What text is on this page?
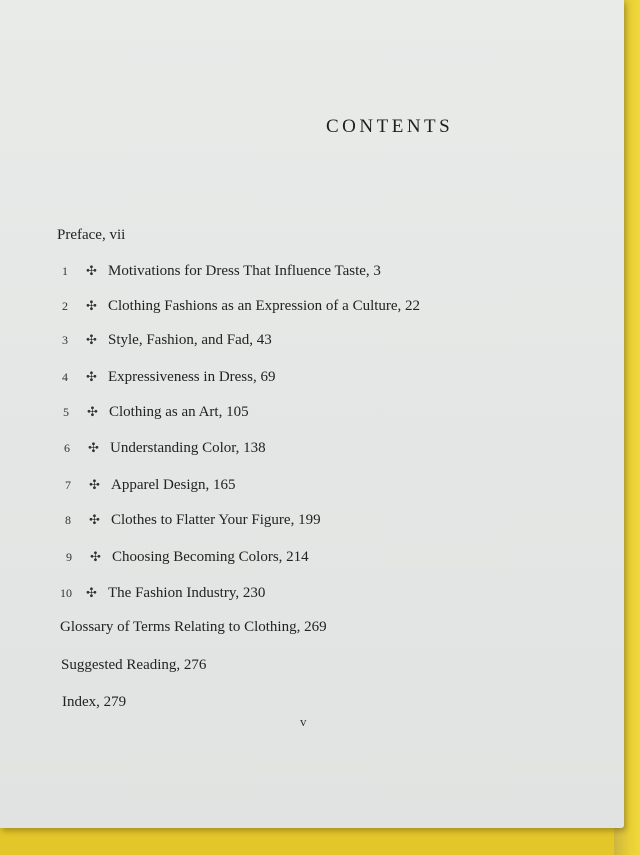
CONTENTS

Preface, vii

1 ✣ Motivations for Dress That Influence Taste, 3

2 ✣ Clothing Fashions as an Expression of a Culture, 22

3 ✣ Style, Fashion, and Fad, 43

4 ✣ Expressiveness in Dress, 69

5 ✣ Clothing as an Art, 105

6 ✣ Understanding Color, 138

7 ✣ Apparel Design, 165

8 ✣ Clothes to Flatter Your Figure, 199

9 ✣ Choosing Becoming Colors, 214

10 ✣ The Fashion Industry, 230

Glossary of Terms Relating to Clothing, 269

Suggested Reading, 276

Index, 279

v
